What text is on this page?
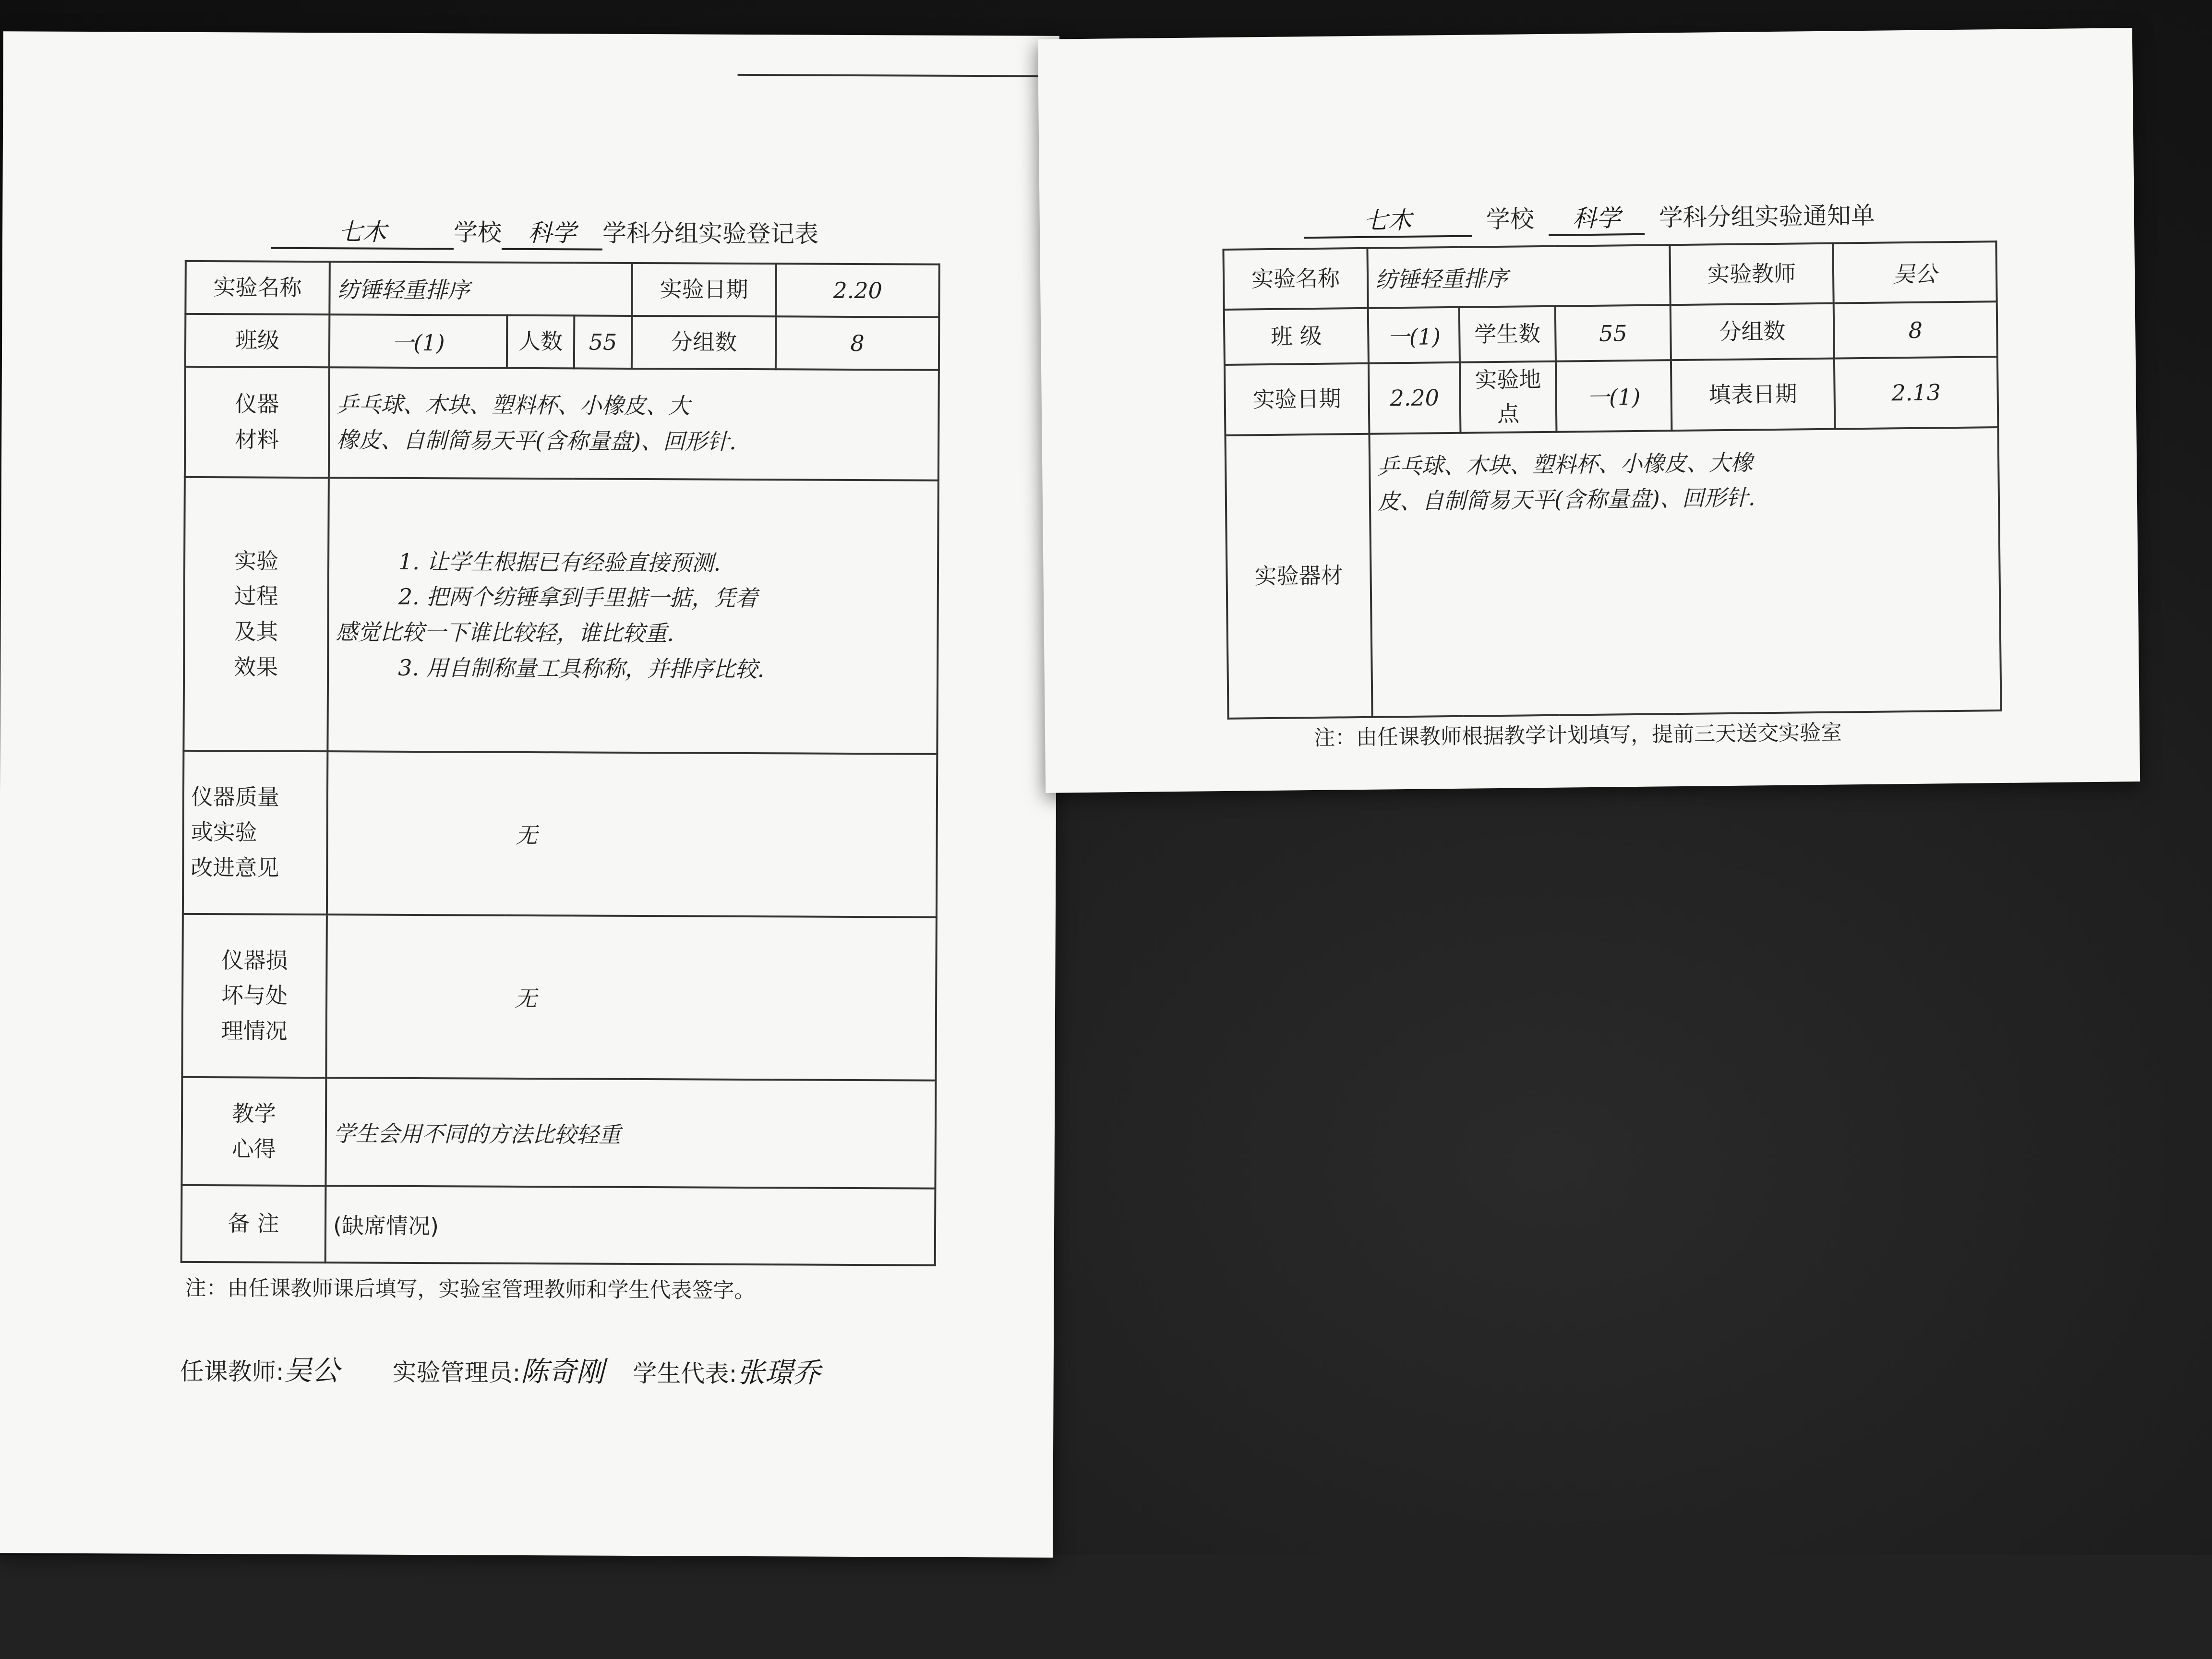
七木	学校 科学 学科分组实验登记表
实验名称	纺锤轻重排序			实验日期	2.20
班级	一(1)	人数	55	分组数	8

仪器
材料	乒乓球、木块、塑料杯、小橡皮、大
橡皮、自制简易天平(含称量盘)、回形针.				

实验
过程
及其
效果	1. 让学生根据已有经验直接预测.
2. 把两个纺锤拿到手里掂一掂，凭着
感觉比较一下谁比较轻，谁比较重.
3. 用自制称量工具称称，并排序比较.				

仪器质量
或实验
改进意见	无				

仪器损
坏与处
理情况	无				

教学
心得	学生会用不同的方法比较轻重				
备 注	(缺席情况)				
注：由任课教师课后填写，实验室管理教师和学生代表签字。
任课教师:吴公 实验管理员:陈奇刚 学生代表:张璟乔
七木	学校 科学 学科分组实验通知单
实验名称	纺锤轻重排序			实验教师	吴公
班 级	一(1)	学生数	55	分组数	8
实验日期	2.20	实验地点	一(1)	填表日期	2.13
实验器材	乒乓球、木块、塑料杯、小橡皮、大橡
皮、自制简易天平(含称量盘)、回形针.				
注：由任课教师根据教学计划填写，提前三天送交实验室
